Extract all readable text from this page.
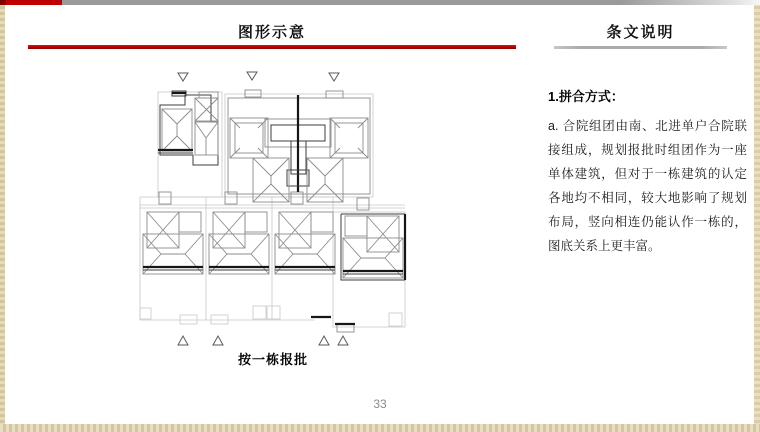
图形示意	条文说明
按一栋报批

1.拼合方式：

a. 合院组团由南、北进单户合院联接组成，规划报批时组团作为一座单体建筑，但对于一栋建筑的认定各地均不相同，较大地影响了规划布局，竖向相连仍能认作一栋的，图底关系上更丰富。

33
